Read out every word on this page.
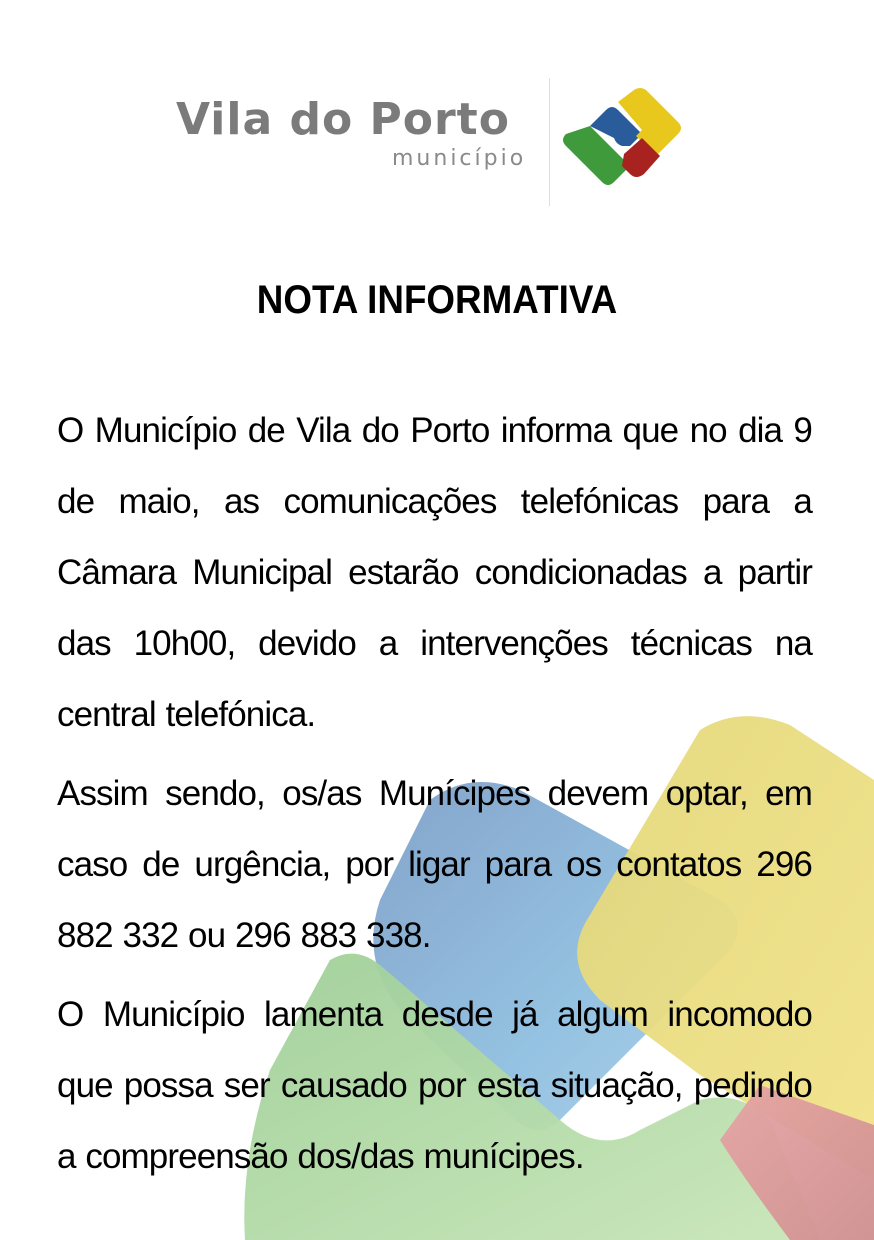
Vila do Porto
município
NOTA INFORMATIVA

O Município de Vila do Porto informa que no dia 9 de maio, as comunicações telefónicas para a Câmara Municipal estarão condicionadas a partir das 10h00, devido a intervenções técnicas na central telefónica.

Assim sendo, os/as Munícipes devem optar, em caso de urgência, por ligar para os contatos 296 882 332 ou 296 883 338.

O Município lamenta desde já algum incomodo que possa ser causado por esta situação, pedindo a compreensão dos/das munícipes.
